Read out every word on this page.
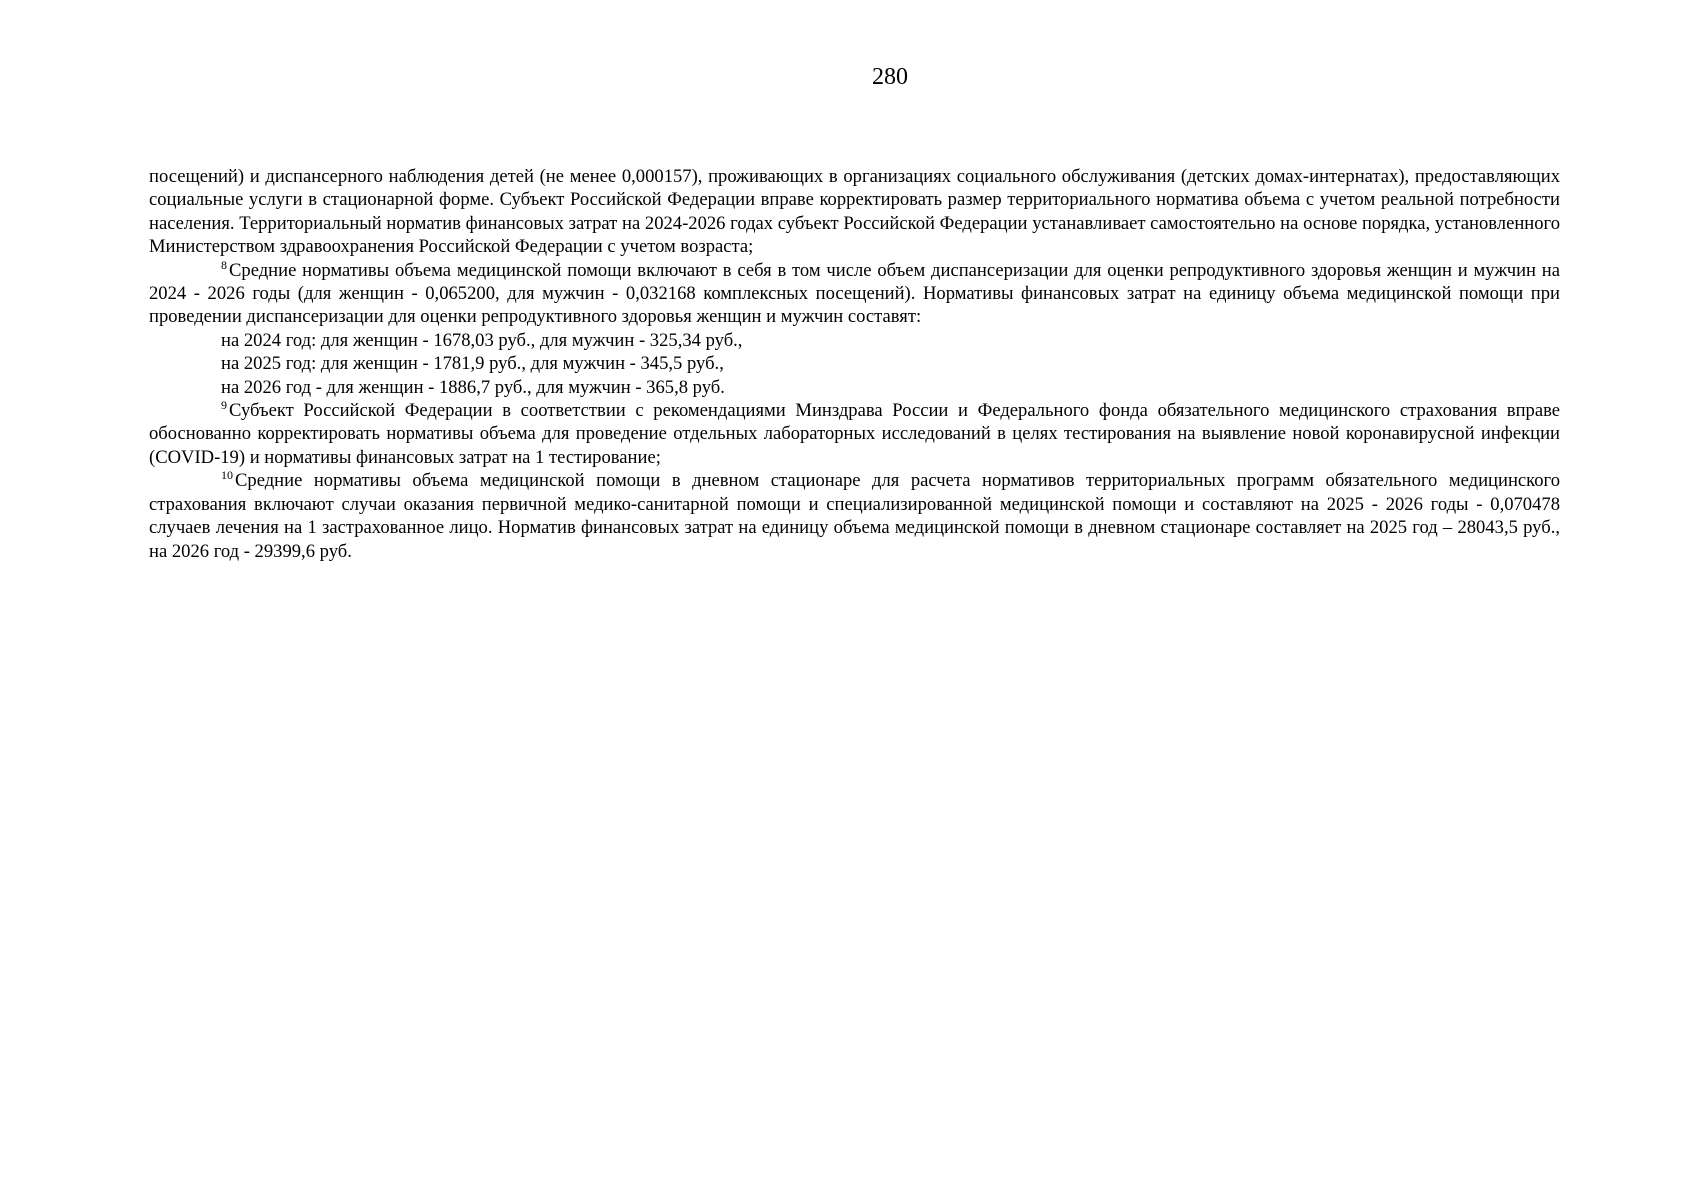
280

посещений) и диспансерного наблюдения детей (не менее 0,000157), проживающих в организациях социального обслуживания (детских домах-интернатах), предоставляющих социальные услуги в стационарной форме. Субъект Российской Федерации вправе корректировать размер территориального норматива объема с учетом реальной потребности населения. Территориальный норматив финансовых затрат на 2024-2026 годах субъект Российской Федерации устанавливает самостоятельно на основе порядка, установленного Министерством здравоохранения Российской Федерации с учетом возраста;

$^8$ Средние нормативы объема медицинской помощи включают в себя в том числе объем диспансеризации для оценки репродуктивного здоровья женщин и мужчин на 2024 - 2026 годы (для женщин - 0,065200, для мужчин - 0,032168 комплексных посещений). Нормативы финансовых затрат на единицу объема медицинской помощи при проведении диспансеризации для оценки репродуктивного здоровья женщин и мужчин составят:

на 2024 год: для женщин - 1678,03 руб., для мужчин - 325,34 руб.,

на 2025 год: для женщин - 1781,9 руб., для мужчин - 345,5 руб.,

на 2026 год - для женщин - 1886,7 руб., для мужчин - 365,8 руб.

$^9$ Субъект Российской Федерации в соответствии с рекомендациями Минздрава России и Федерального фонда обязательного медицинского страхования вправе обоснованно корректировать нормативы объема для проведение отдельных лабораторных исследований в целях тестирования на выявление новой коронавирусной инфекции (COVID-19) и нормативы финансовых затрат на 1 тестирование;

$^{10}$ Средние нормативы объема медицинской помощи в дневном стационаре для расчета нормативов территориальных программ обязательного медицинского страхования включают случаи оказания первичной медико-санитарной помощи и специализированной медицинской помощи и составляют на 2025 - 2026 годы - 0,070478 случаев лечения на 1 застрахованное лицо. Норматив финансовых затрат на единицу объема медицинской помощи в дневном стационаре составляет на 2025 год – 28043,5 руб., на 2026 год - 29399,6 руб.
